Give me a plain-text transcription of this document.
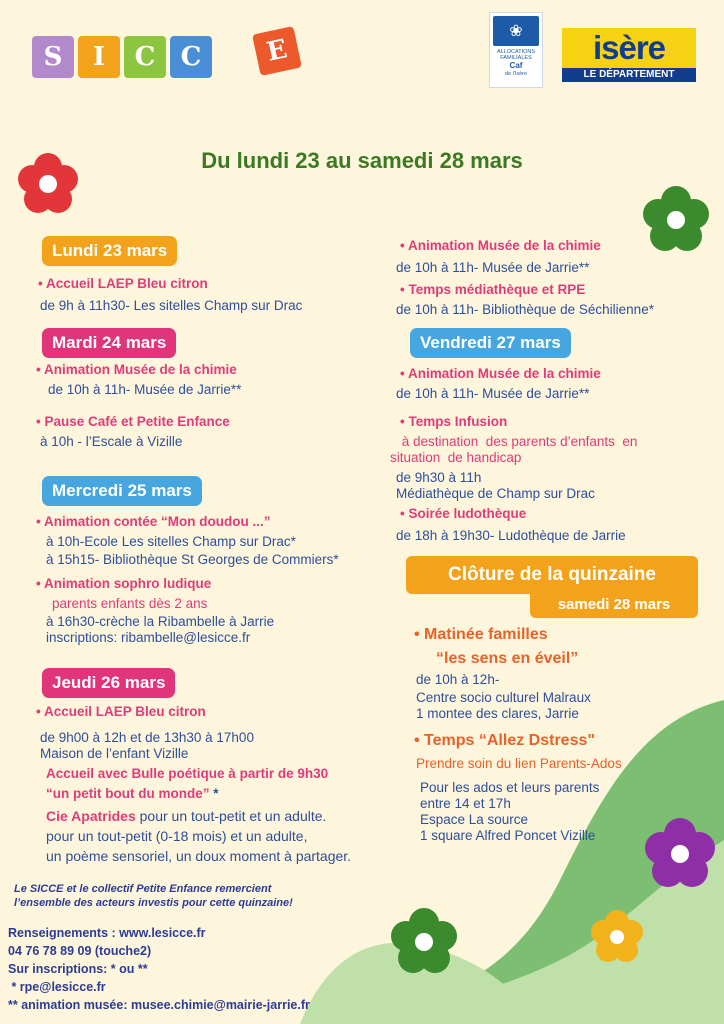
S	I	C C	E
❀
ALLOCATIONS
FAMILIALES
Caf
de l'Isère
isère
LE DÉPARTEMENT
Du lundi 23 au samedi 28 mars
Lundi 23 mars
• Accueil LAEP Bleu citron
de 9h à 11h30- Les sitelles Champ sur Drac
Mardi 24 mars
• Animation Musée de la chimie
de 10h à 11h- Musée de Jarrie**
• Pause Café et Petite Enfance
à 10h - l’Escale à Vizille
Mercredi 25 mars
• Animation contée “Mon doudou ...”
à 10h-Ecole Les sitelles Champ sur Drac*
à 15h15- Bibliothèque St Georges de Commiers*
• Animation sophro ludique
parents enfants dès 2 ans
à 16h30-crèche la Ribambelle à Jarrie
inscriptions: ribambelle@lesicce.fr
Jeudi 26 mars
• Accueil LAEP Bleu citron
de 9h00 à 12h et de 13h30 à 17h00
Maison de l’enfant Vizille
Accueil avec Bulle poétique à partir de 9h30
“un petit bout du monde” *
Cie Apatrides pour un tout-petit et un adulte.
pour un tout-petit (0-18 mois) et un adulte,
un poème sensoriel, un doux moment à partager.
• Animation Musée de la chimie
de 10h à 11h- Musée de Jarrie**
• Temps médiathèque et RPE
de 10h à 11h- Bibliothèque de Séchilienne*
Vendredi 27 mars
• Animation Musée de la chimie
de 10h à 11h- Musée de Jarrie**
• Temps Infusion
à destination  des parents d’enfants  en
situation  de handicap
de 9h30 à 11h
Médiathèque de Champ sur Drac
• Soirée ludothèque
de 18h à 19h30- Ludothèque de Jarrie
Clôture de la quinzaine
samedi 28 mars
• Matinée familles
“les sens en éveil”
de 10h à 12h-
Centre socio culturel Malraux
1 montee des clares, Jarrie
• Temps “Allez Dstress"
Prendre soin du lien Parents-Ados
Pour les ados et leurs parents
entre 14 et 17h
Espace La source
1 square Alfred Poncet Vizille
Le SICCE et le collectif Petite Enfance remercient
l’ensemble des acteurs investis pour cette quinzaine!
Renseignements : www.lesicce.fr
04 76 78 89 09 (touche2)
Sur inscriptions: * ou **
* rpe@lesicce.fr
** animation musée: musee.chimie@mairie-jarrie.fr
